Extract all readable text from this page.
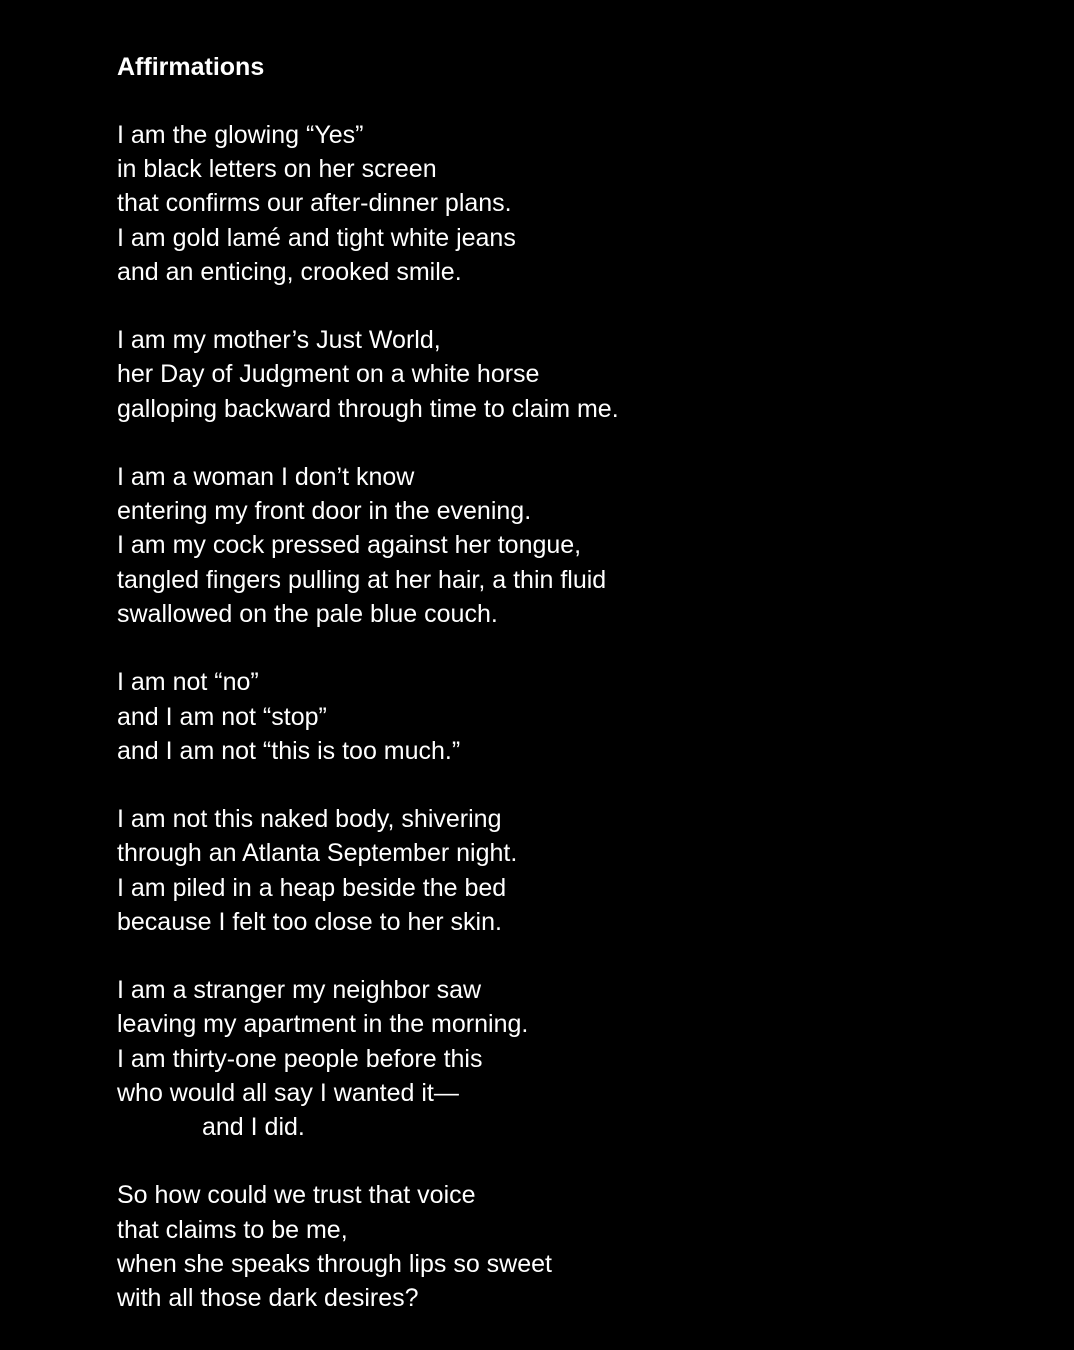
Affirmations
I am the glowing “Yes”
in black letters on her screen
that confirms our after-dinner plans.
I am gold lamé and tight white jeans
and an enticing, crooked smile.
I am my mother’s Just World,
her Day of Judgment on a white horse
galloping backward through time to claim me.
I am a woman I don’t know
entering my front door in the evening.
I am my cock pressed against her tongue,
tangled fingers pulling at her hair, a thin fluid
swallowed on the pale blue couch.
I am not “no”
and I am not “stop”
and I am not “this is too much.”
I am not this naked body, shivering
through an Atlanta September night.
I am piled in a heap beside the bed
because I felt too close to her skin.
I am a stranger my neighbor saw
leaving my apartment in the morning.
I am thirty-one people before this
who would all say I wanted it—
and I did.
So how could we trust that voice
that claims to be me,
when she speaks through lips so sweet
with all those dark desires?
